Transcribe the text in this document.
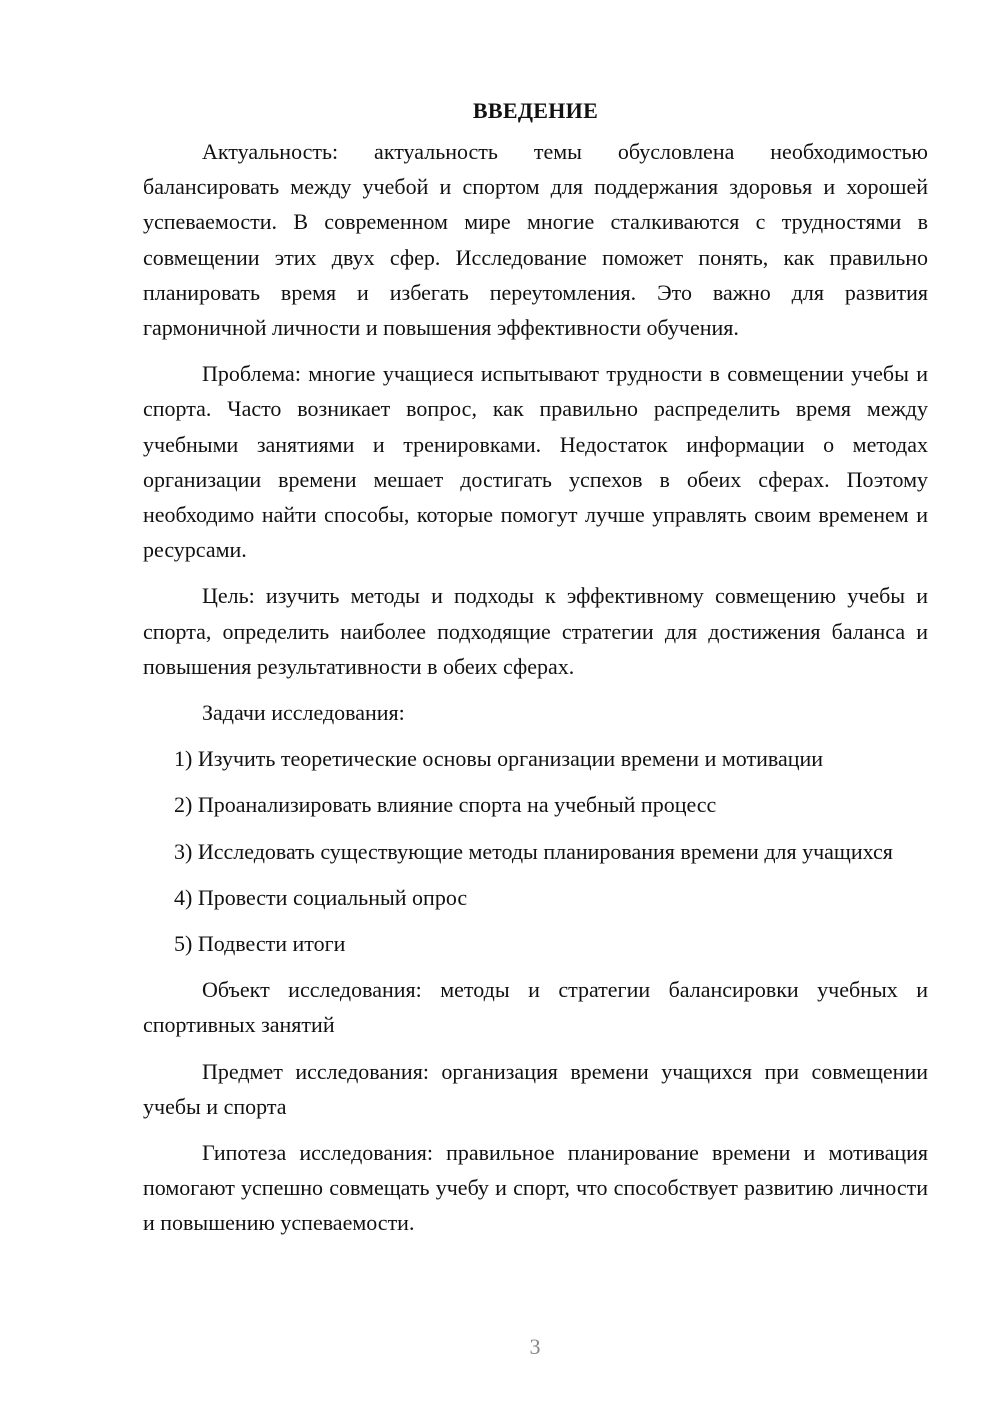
ВВЕДЕНИЕ

Актуальность: актуальность темы обусловлена необходимостью балансировать между учебой и спортом для поддержания здоровья и хорошей успеваемости. В современном мире многие сталкиваются с трудностями в совмещении этих двух сфер. Исследование поможет понять, как правильно планировать время и избегать переутомления. Это важно для развития гармоничной личности и повышения эффективности обучения.

Проблема: многие учащиеся испытывают трудности в совмещении учебы и спорта. Часто возникает вопрос, как правильно распределить время между учебными занятиями и тренировками. Недостаток информации о методах организации времени мешает достигать успехов в обеих сферах. Поэтому необходимо найти способы, которые помогут лучше управлять своим временем и ресурсами.

Цель: изучить методы и подходы к эффективному совмещению учебы и спорта, определить наиболее подходящие стратегии для достижения баланса и повышения результативности в обеих сферах.

Задачи исследования:

1) Изучить теоретические основы организации времени и мотивации

2) Проанализировать влияние спорта на учебный процесс

3) Исследовать существующие методы планирования времени для учащихся

4) Провести социальный опрос

5) Подвести итоги

Объект исследования: методы и стратегии балансировки учебных и спортивных занятий

Предмет исследования: организация времени учащихся при совмещении учебы и спорта

Гипотеза исследования: правильное планирование времени и мотивация помогают успешно совмещать учебу и спорт, что способствует развитию личности и повышению успеваемости.

3
